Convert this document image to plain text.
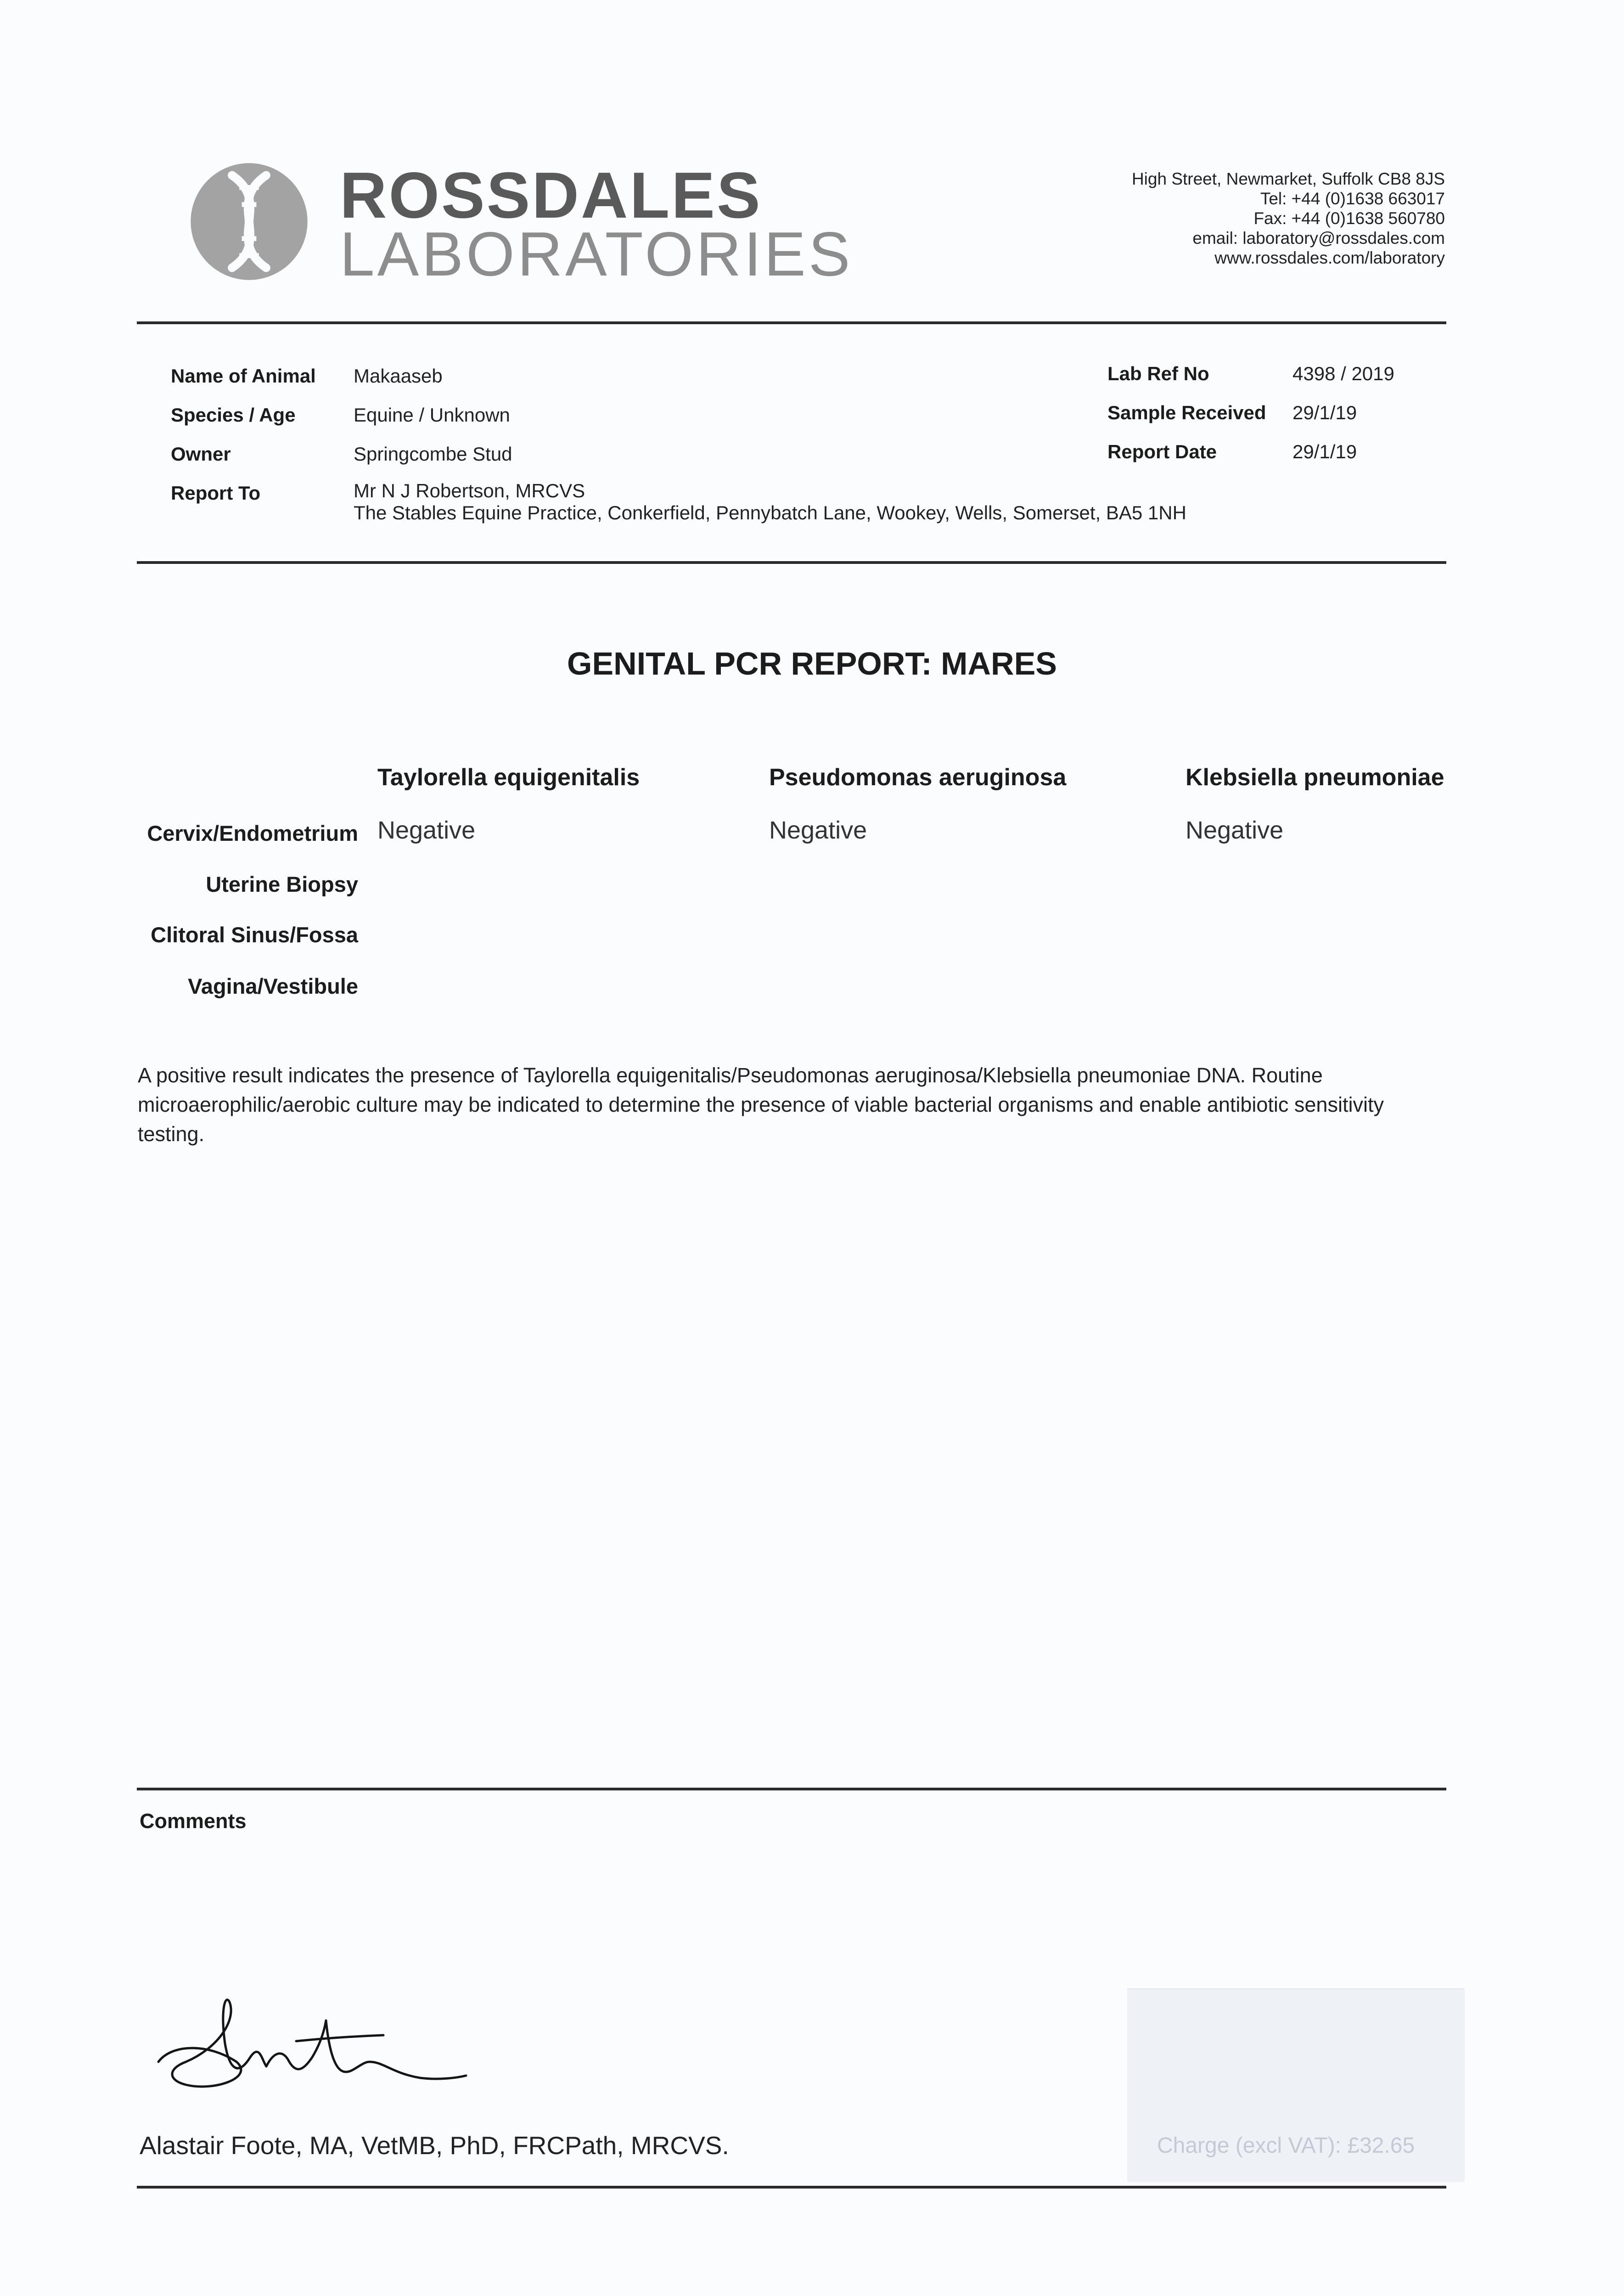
ROSSDALES
LABORATORIES
High Street, Newmarket, Suffolk CB8 8JS
Tel: +44 (0)1638 663017
Fax: +44 (0)1638 560780
email: laboratory@rossdales.com
www.rossdales.com/laboratory
Name of Animal Makaaseb
Species / Age	Equine / Unknown
Owner	Springcombe Stud
Report To	Mr N J Robertson, MRCVS
The Stables Equine Practice, Conkerfield, Pennybatch Lane, Wookey, Wells, Somerset, BA5 1NH
Lab Ref No	4398 / 2019
Sample Received 29/1/19
Report Date	29/1/19
GENITAL PCR REPORT: MARES
Taylorella equigenitalis	Pseudomonas aeruginosa	Klebsiella pneumoniae
Cervix/Endometrium Negative	Negative	Negative
Uterine Biopsy
Clitoral Sinus/Fossa
Vagina/Vestibule
A positive result indicates the presence of Taylorella equigenitalis/Pseudomonas aeruginosa/Klebsiella pneumoniae DNA. Routine microaerophilic/aerobic culture may be indicated to determine the presence of viable bacterial organisms and enable antibiotic sensitivity testing.
Comments
Alastair Foote, MA, VetMB, PhD, FRCPath, MRCVS.	Charge (excl VAT): £32.65
